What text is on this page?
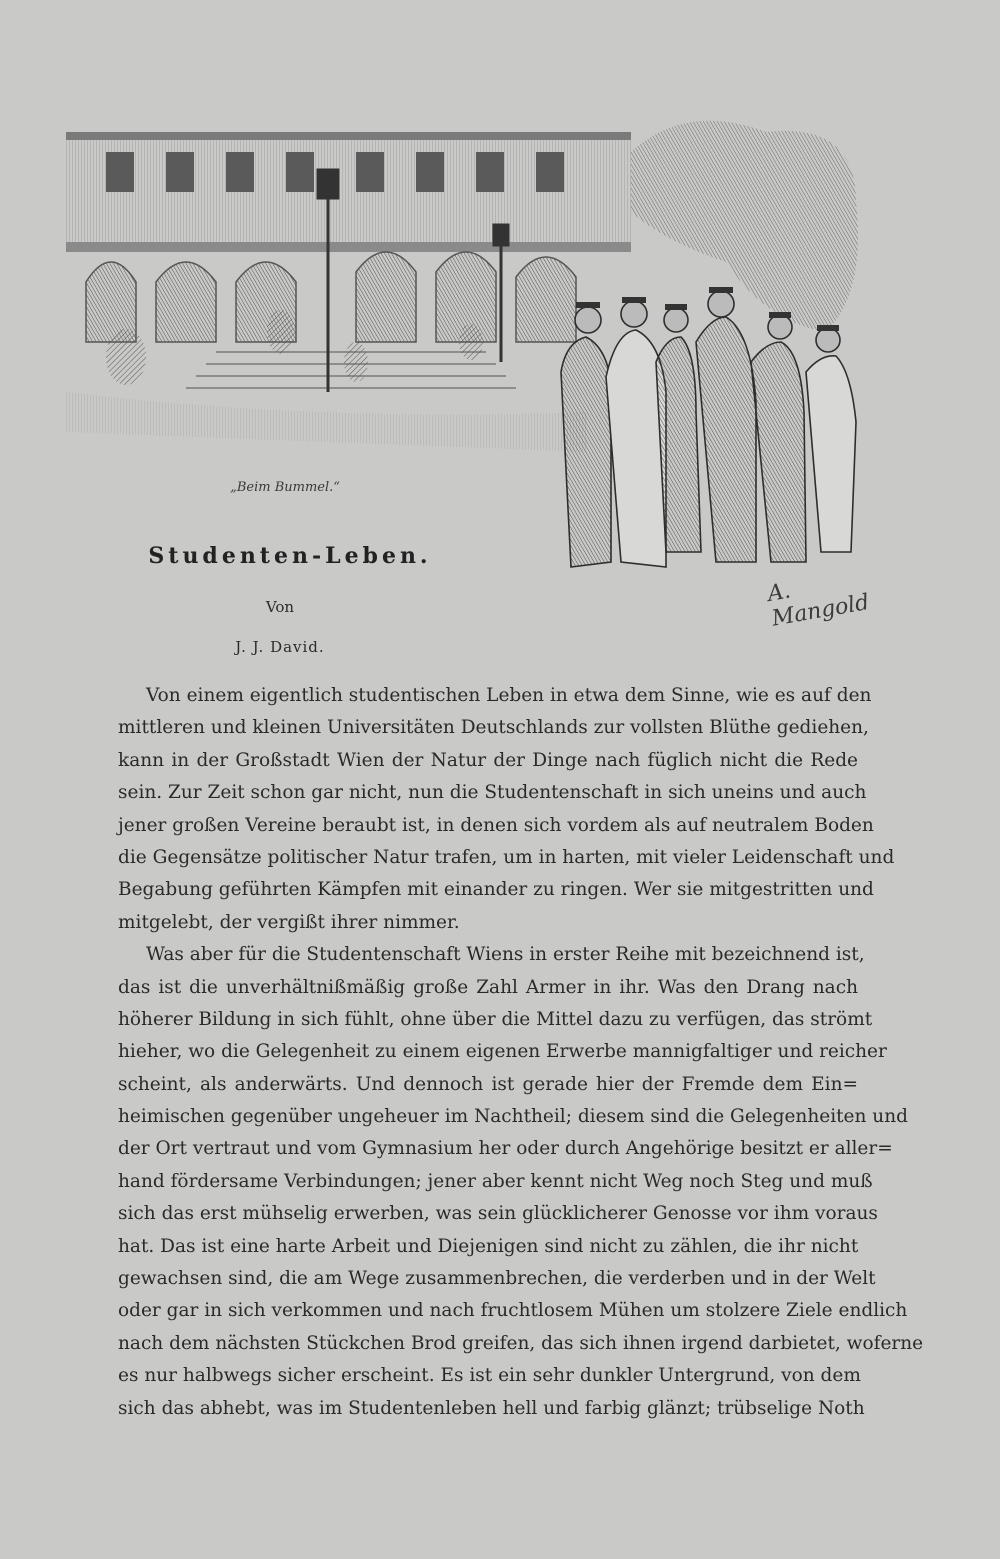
„Beim Bummel.“
A. Mangold
Studenten-Leben.
Von
J. J. David.
Von einem eigentlich studentischen Leben in etwa dem Sinne, wie es auf den
mittleren und kleinen Universitäten Deutschlands zur vollsten Blüthe gediehen,
kann in der Großstadt Wien der Natur der Dinge nach füglich nicht die Rede
sein. Zur Zeit schon gar nicht, nun die Studentenschaft in sich uneins und auch
jener großen Vereine beraubt ist, in denen sich vordem als auf neutralem Boden
die Gegensätze politischer Natur trafen, um in harten, mit vieler Leidenschaft und
Begabung geführten Kämpfen mit einander zu ringen. Wer sie mitgestritten und
mitgelebt, der vergißt ihrer nimmer.
Was aber für die Studentenschaft Wiens in erster Reihe mit bezeichnend ist,
das ist die unverhältnißmäßig große Zahl Armer in ihr. Was den Drang nach
höherer Bildung in sich fühlt, ohne über die Mittel dazu zu verfügen, das strömt
hieher, wo die Gelegenheit zu einem eigenen Erwerbe mannigfaltiger und reicher
scheint, als anderwärts. Und dennoch ist gerade hier der Fremde dem Ein=
heimischen gegenüber ungeheuer im Nachtheil; diesem sind die Gelegenheiten und
der Ort vertraut und vom Gymnasium her oder durch Angehörige besitzt er aller=
hand fördersame Verbindungen; jener aber kennt nicht Weg noch Steg und muß
sich das erst mühselig erwerben, was sein glücklicherer Genosse vor ihm voraus
hat. Das ist eine harte Arbeit und Diejenigen sind nicht zu zählen, die ihr nicht
gewachsen sind, die am Wege zusammenbrechen, die verderben und in der Welt
oder gar in sich verkommen und nach fruchtlosem Mühen um stolzere Ziele endlich
nach dem nächsten Stückchen Brod greifen, das sich ihnen irgend darbietet, woferne
es nur halbwegs sicher erscheint. Es ist ein sehr dunkler Untergrund, von dem
sich das abhebt, was im Studentenleben hell und farbig glänzt; trübselige Noth
